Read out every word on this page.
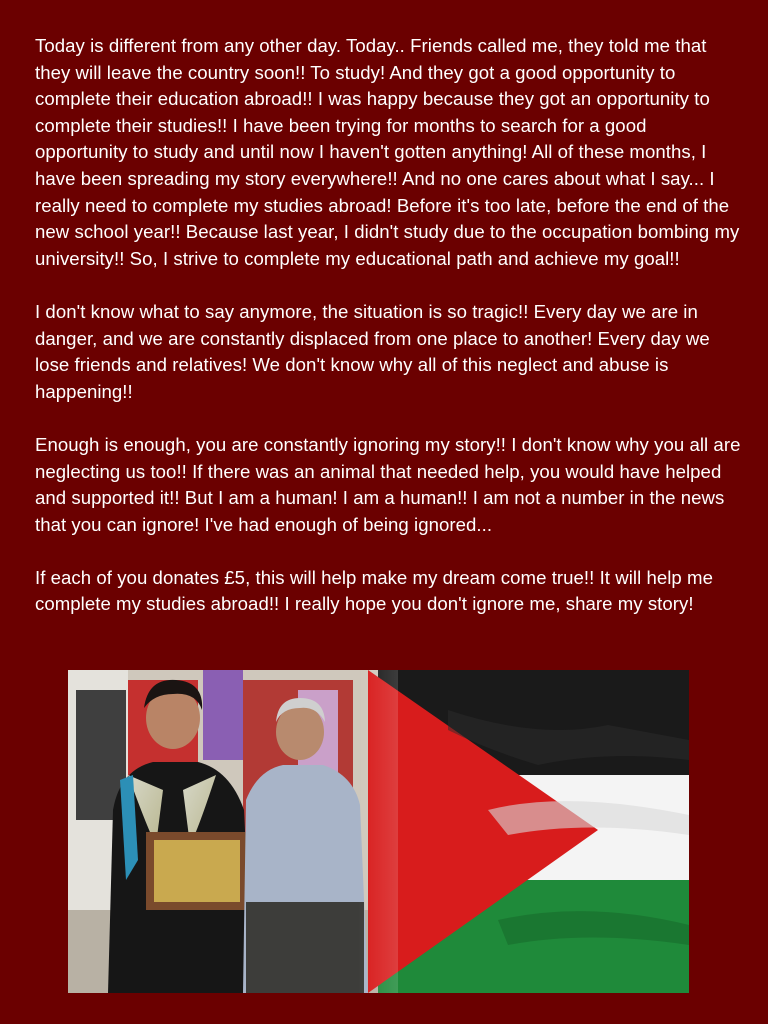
Today is different from any other day. Today.. Friends called me, they told me that they will leave the country soon!! To study! And they got a good opportunity to complete their education abroad!! I was happy because they got an opportunity to complete their studies!! I have been trying for months to search for a good opportunity to study and until now I haven't gotten anything! All of these months, I have been spreading my story everywhere!! And no one cares about what I say... I really need to complete my studies abroad! Before it's too late, before the end of the new school year!! Because last year, I didn't study due to the occupation bombing my university!! So, I strive to complete my educational path and achieve my goal!!

I don't know what to say anymore, the situation is so tragic!! Every day we are in danger, and we are constantly displaced from one place to another! Every day we lose friends and relatives! We don't know why all of this neglect and abuse is happening!!

Enough is enough, you are constantly ignoring my story!! I don't know why you all are neglecting us too!! If there was an animal that needed help, you would have helped and supported it!! But I am a human! I am a human!! I am not a number in the news that you can ignore! I've had enough of being ignored...

If each of you donates £5, this will help make my dream come true!! It will help me complete my studies abroad!! I really hope you don't ignore me, share my story!
